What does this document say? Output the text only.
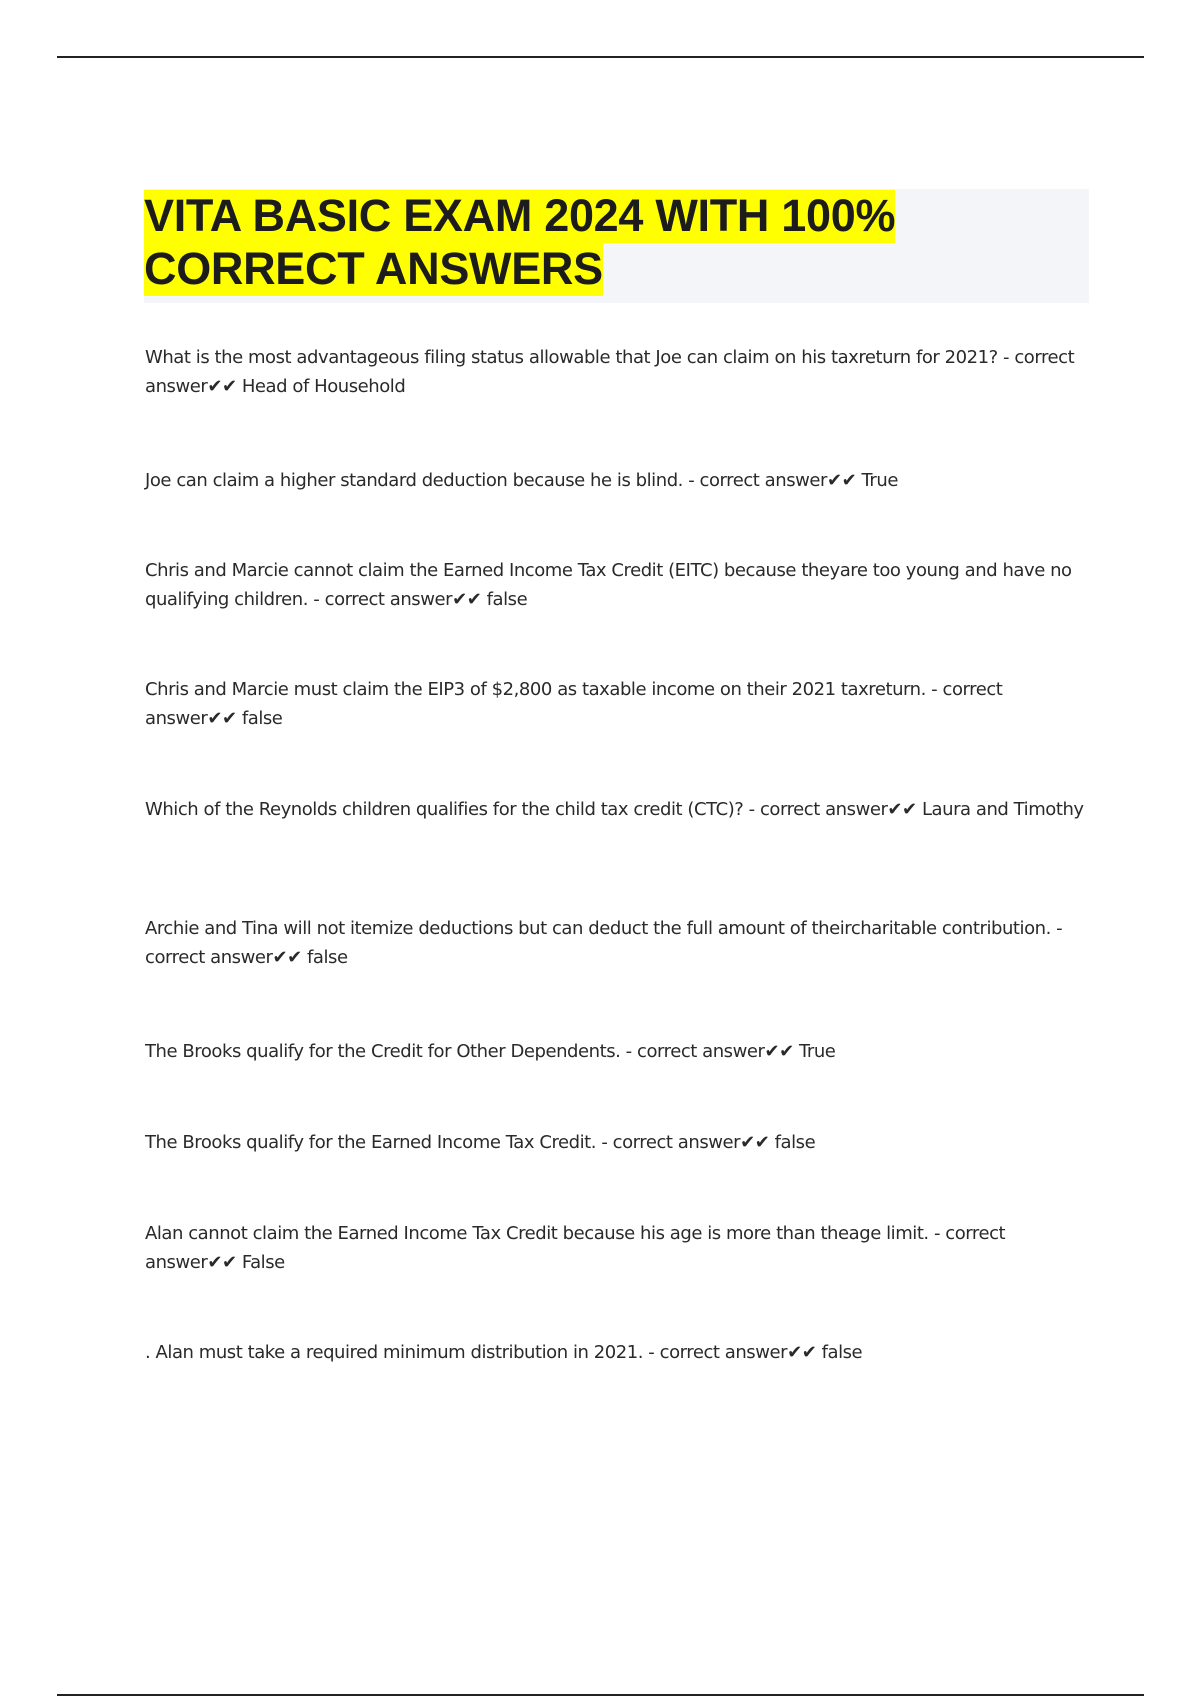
VITA BASIC EXAM 2024 WITH 100%
CORRECT ANSWERS

What is the most advantageous filing status allowable that Joe can claim on his taxreturn for 2021? - correct answer✔✔ Head of Household

Joe can claim a higher standard deduction because he is blind. - correct answer✔✔ True

Chris and Marcie cannot claim the Earned Income Tax Credit (EITC) because theyare too young and have no qualifying children. - correct answer✔✔ false

Chris and Marcie must claim the EIP3 of $2,800 as taxable income on their 2021 taxreturn. - correct answer✔✔ false

Which of the Reynolds children qualifies for the child tax credit (CTC)? - correct answer✔✔ Laura and Timothy

Archie and Tina will not itemize deductions but can deduct the full amount of theircharitable contribution. - correct answer✔✔ false

The Brooks qualify for the Credit for Other Dependents. - correct answer✔✔ True

The Brooks qualify for the Earned Income Tax Credit. - correct answer✔✔ false

Alan cannot claim the Earned Income Tax Credit because his age is more than theage limit. - correct answer✔✔ False

. Alan must take a required minimum distribution in 2021. - correct answer✔✔ false
